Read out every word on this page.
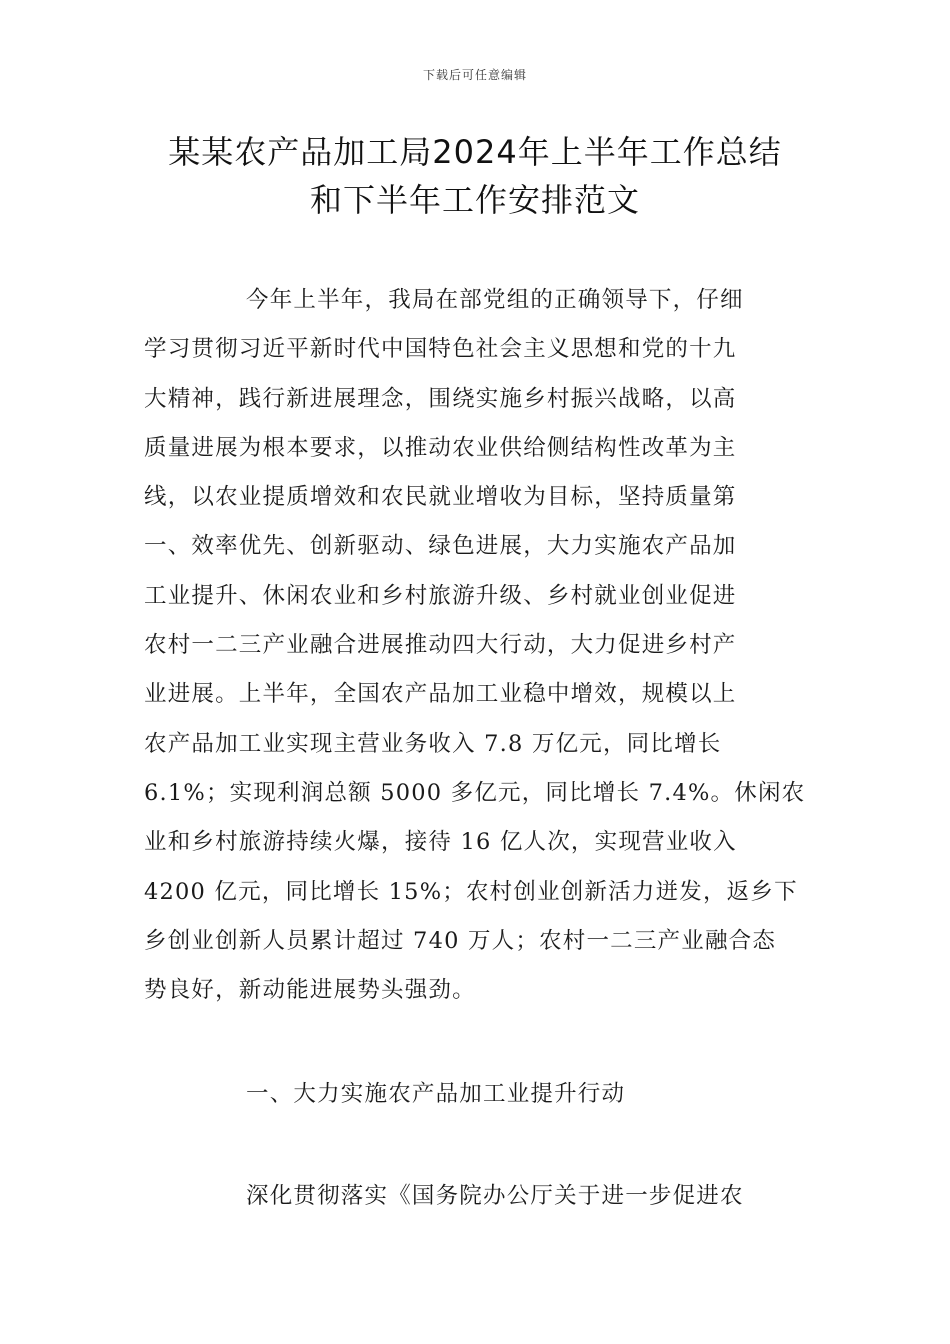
下载后可任意编辑
某某农产品加工局2024年上半年工作总结
和下半年工作安排范文

今年上半年，我局在部党组的正确领导下，仔细
学习贯彻习近平新时代中国特色社会主义思想和党的十九
大精神，践行新进展理念，围绕实施乡村振兴战略，以高
质量进展为根本要求，以推动农业供给侧结构性改革为主
线，以农业提质增效和农民就业增收为目标，坚持质量第
一、效率优先、创新驱动、绿色进展，大力实施农产品加
工业提升、休闲农业和乡村旅游升级、乡村就业创业促进
农村一二三产业融合进展推动四大行动，大力促进乡村产
业进展。上半年，全国农产品加工业稳中增效，规模以上
农产品加工业实现主营业务收入 7.8 万亿元，同比增长
6.1%；实现利润总额 5000 多亿元，同比增长 7.4%。休闲农
业和乡村旅游持续火爆，接待 16 亿人次，实现营业收入
4200 亿元，同比增长 15%；农村创业创新活力迸发，返乡下
乡创业创新人员累计超过 740 万人；农村一二三产业融合态
势良好，新动能进展势头强劲。

一、大力实施农产品加工业提升行动

深化贯彻落实《国务院办公厅关于进一步促进农
